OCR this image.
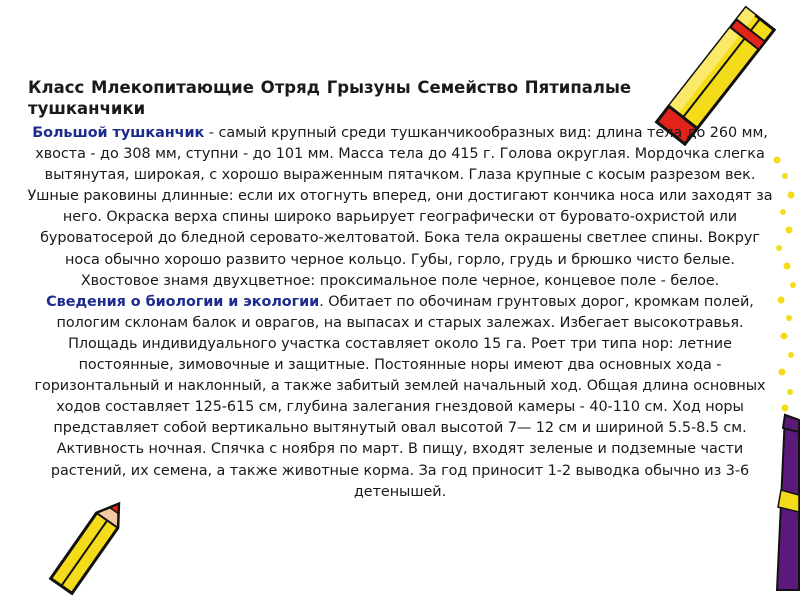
Класс Млекопитающие Отряд Грызуны Семейство Пятипалые тушканчики
Большой тушканчик - самый крупный среди тушканчикообразных вид: длина тела до 260 мм, хвоста - до 308 мм, ступни - до 101 мм. Масса тела до 415 г. Голова округлая. Мордочка слегка вытянутая, широкая, с хорошо выраженным пятачком. Глаза крупные с косым разрезом век. Ушные раковины длинные: если их отогнуть вперед, они достигают кончика носа или заходят за него. Окраска верха спины широко варьирует географически от буровато-охристой или буроватосерой до бледной серовато-желтоватой. Бока тела окрашены светлее спины. Вокруг носа обычно хорошо развито черное кольцо. Губы, горло, грудь и брюшко чисто белые. Хвостовое знамя двухцветное: проксимальное поле черное, концевое поле - белое.
Сведения о биологии и экологии. Обитает по обочинам грунтовых дорог, кромкам полей, пологим склонам балок и оврагов, на выпасах и старых залежах. Избегает высокотравья. Площадь индивидуального участка составляет около 15 га. Роет три типа нор: летние постоянные, зимовочные и защитные. Постоянные норы имеют два основных хода - горизонтальный и наклонный, а также забитый землей начальный ход. Общая длина основных ходов составляет 125-615 см, глубина залегания гнездовой камеры - 40-110 см. Ход норы представляет собой вертикально вытянутый овал высотой 7— 12 см и шириной 5.5-8.5 см. Активность ночная. Спячка с ноября по март. В пищу, входят зеленые и подземные части растений, их семена, а также животные корма. За год приносит 1-2 выводка обычно из 3-6 детенышей.
